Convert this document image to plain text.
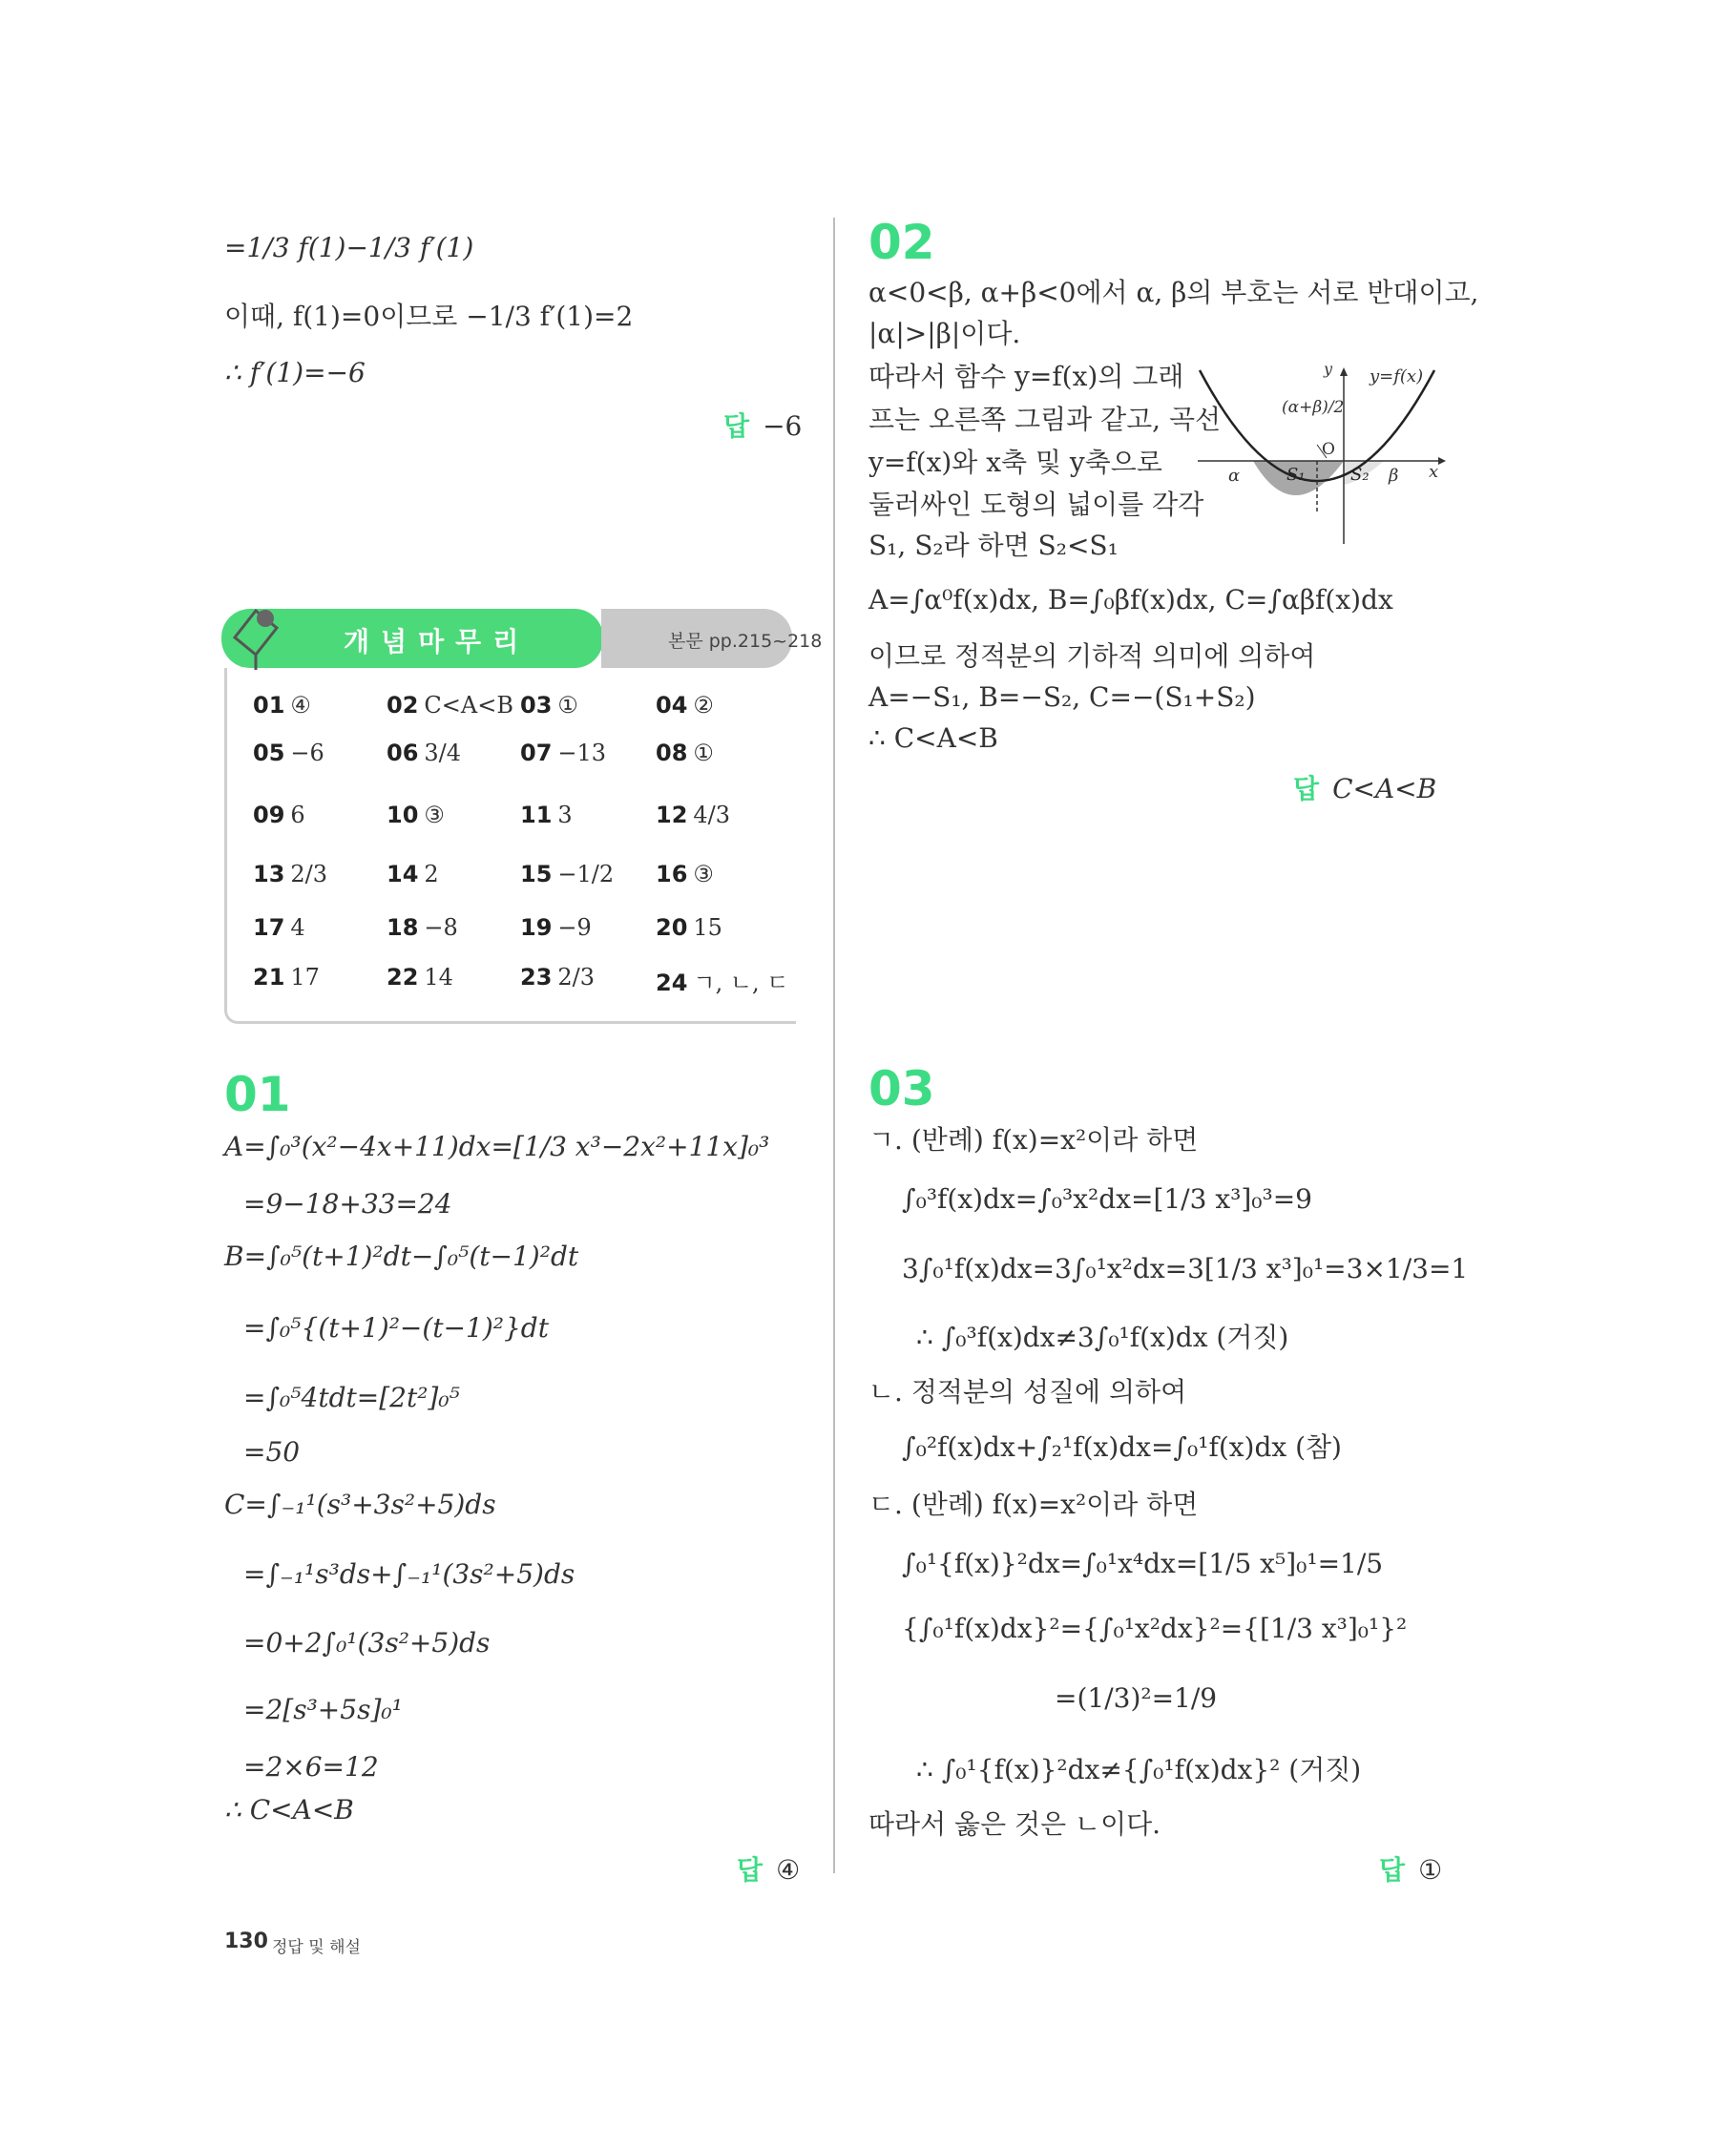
=1/3 f(1)−1/3 f′(1)
이때, f(1)=0이므로 −1/3 f′(1)=2
∴ f′(1)=−6
답 −6
개념마무리	본문 pp.215~218
01 ④	02 C<A<B 03 ①	04 ②
05 −6	06 3/4	07 −13 08 ①
09 6	10 ③	11 3	12 4/3
13 2/3	14 2	15 −1/2 16 ③
17 4	18 −8	19 −9	20 15
21 17	22 14	23 2/3	24 ㄱ, ㄴ, ㄷ
01
A=∫₀³(x²−4x+11)dx=[1/3 x³−2x²+11x]₀³
=9−18+33=24
B=∫₀⁵(t+1)²dt−∫₀⁵(t−1)²dt
=∫₀⁵{(t+1)²−(t−1)²}dt
=∫₀⁵4tdt=[2t²]₀⁵
=50
C=∫₋₁¹(s³+3s²+5)ds
=∫₋₁¹s³ds+∫₋₁¹(3s²+5)ds
=0+2∫₀¹(3s²+5)ds
=2[s³+5s]₀¹
=2×6=12
∴ C<A<B
답 ④
02
α<0<β, α+β<0에서 α, β의 부호는 서로 반대이고,
|α|>|β|이다.
따라서 함수 y=f(x)의 그래
프는 오른쪽 그림과 같고, 곡선
y=f(x)와 x축 및 y축으로
둘러싸인 도형의 넓이를 각각
S₁, S₂라 하면 S₂<S₁
A=∫α⁰f(x)dx, B=∫₀βf(x)dx, C=∫αβf(x)dx
이므로 정적분의 기하적 의미에 의하여
A=−S₁, B=−S₂, C=−(S₁+S₂)
∴ C<A<B
y=f(x)
y
x
(α+β)/2
O
α	β
S₁	S₂
답 C<A<B
03
ㄱ. (반례) f(x)=x²이라 하면
∫₀³f(x)dx=∫₀³x²dx=[1/3 x³]₀³=9
3∫₀¹f(x)dx=3∫₀¹x²dx=3[1/3 x³]₀¹=3×1/3=1
∴ ∫₀³f(x)dx≠3∫₀¹f(x)dx (거짓)
ㄴ. 정적분의 성질에 의하여
∫₀²f(x)dx+∫₂¹f(x)dx=∫₀¹f(x)dx (참)
ㄷ. (반례) f(x)=x²이라 하면
∫₀¹{f(x)}²dx=∫₀¹x⁴dx=[1/5 x⁵]₀¹=1/5
{∫₀¹f(x)dx}²={∫₀¹x²dx}²={[1/3 x³]₀¹}²
=(1/3)²=1/9
∴ ∫₀¹{f(x)}²dx≠{∫₀¹f(x)dx}² (거짓)
따라서 옳은 것은 ㄴ이다.
답 ①
130 정답 및 해설
